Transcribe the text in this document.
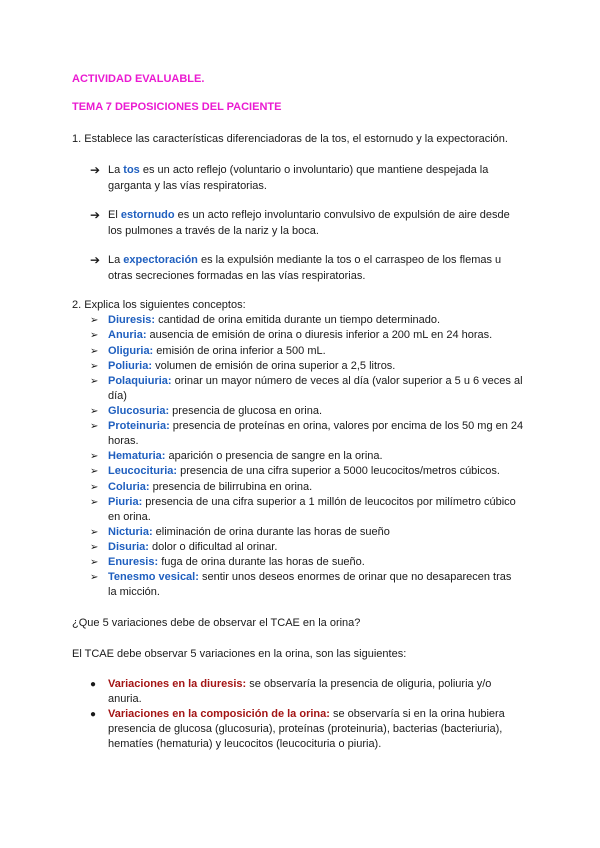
ACTIVIDAD EVALUABLE.
TEMA 7 DEPOSICIONES DEL PACIENTE
1. Establece las características diferenciadoras de la tos, el estornudo y la expectoración.
➔ La tos es un acto reflejo (voluntario o involuntario) que mantiene despejada la
garganta y las vías respiratorias.
➔ El estornudo es un acto reflejo involuntario convulsivo de expulsión de aire desde
los pulmones a través de la nariz y la boca.
➔ La expectoración es la expulsión mediante la tos o el carraspeo de los flemas u
otras secreciones formadas en las vías respiratorias.
2. Explica los siguientes conceptos:
➢ Diuresis: cantidad de orina emitida durante un tiempo determinado.
➢ Anuria: ausencia de emisión de orina o diuresis inferior a 200 mL en 24 horas.
➢ Oliguria: emisión de orina inferior a 500 mL.
➢ Poliuria: volumen de emisión de orina superior a 2,5 litros.
➢ Polaquiuria: orinar un mayor número de veces al día (valor superior a 5 u 6 veces al
día)
➢ Glucosuria: presencia de glucosa en orina.
➢ Proteinuria: presencia de proteínas en orina, valores por encima de los 50 mg en 24
horas.
➢ Hematuria: aparición o presencia de sangre en la orina.
➢ Leucocituria: presencia de una cifra superior a 5000 leucocitos/metros cúbicos.
➢ Coluria: presencia de bilirrubina en orina.
➢ Piuria: presencia de una cifra superior a 1 millón de leucocitos por milímetro cúbico
en orina.
➢ Nicturia: eliminación de orina durante las horas de sueño
➢ Disuria: dolor o dificultad al orinar.
➢ Enuresis: fuga de orina durante las horas de sueño.
➢ Tenesmo vesical: sentir unos deseos enormes de orinar que no desaparecen tras
la micción.
¿Que 5 variaciones debe de observar el TCAE en la orina?
El TCAE debe observar 5 variaciones en la orina, son las siguientes:
● Variaciones en la diuresis: se observaría la presencia de oliguria, poliuria y/o
anuria.
● Variaciones en la composición de la orina: se observaría si en la orina hubiera
presencia de glucosa (glucosuria), proteínas (proteinuria), bacterias (bacteriuria),
hematíes (hematuria) y leucocitos (leucocituria o piuria).
